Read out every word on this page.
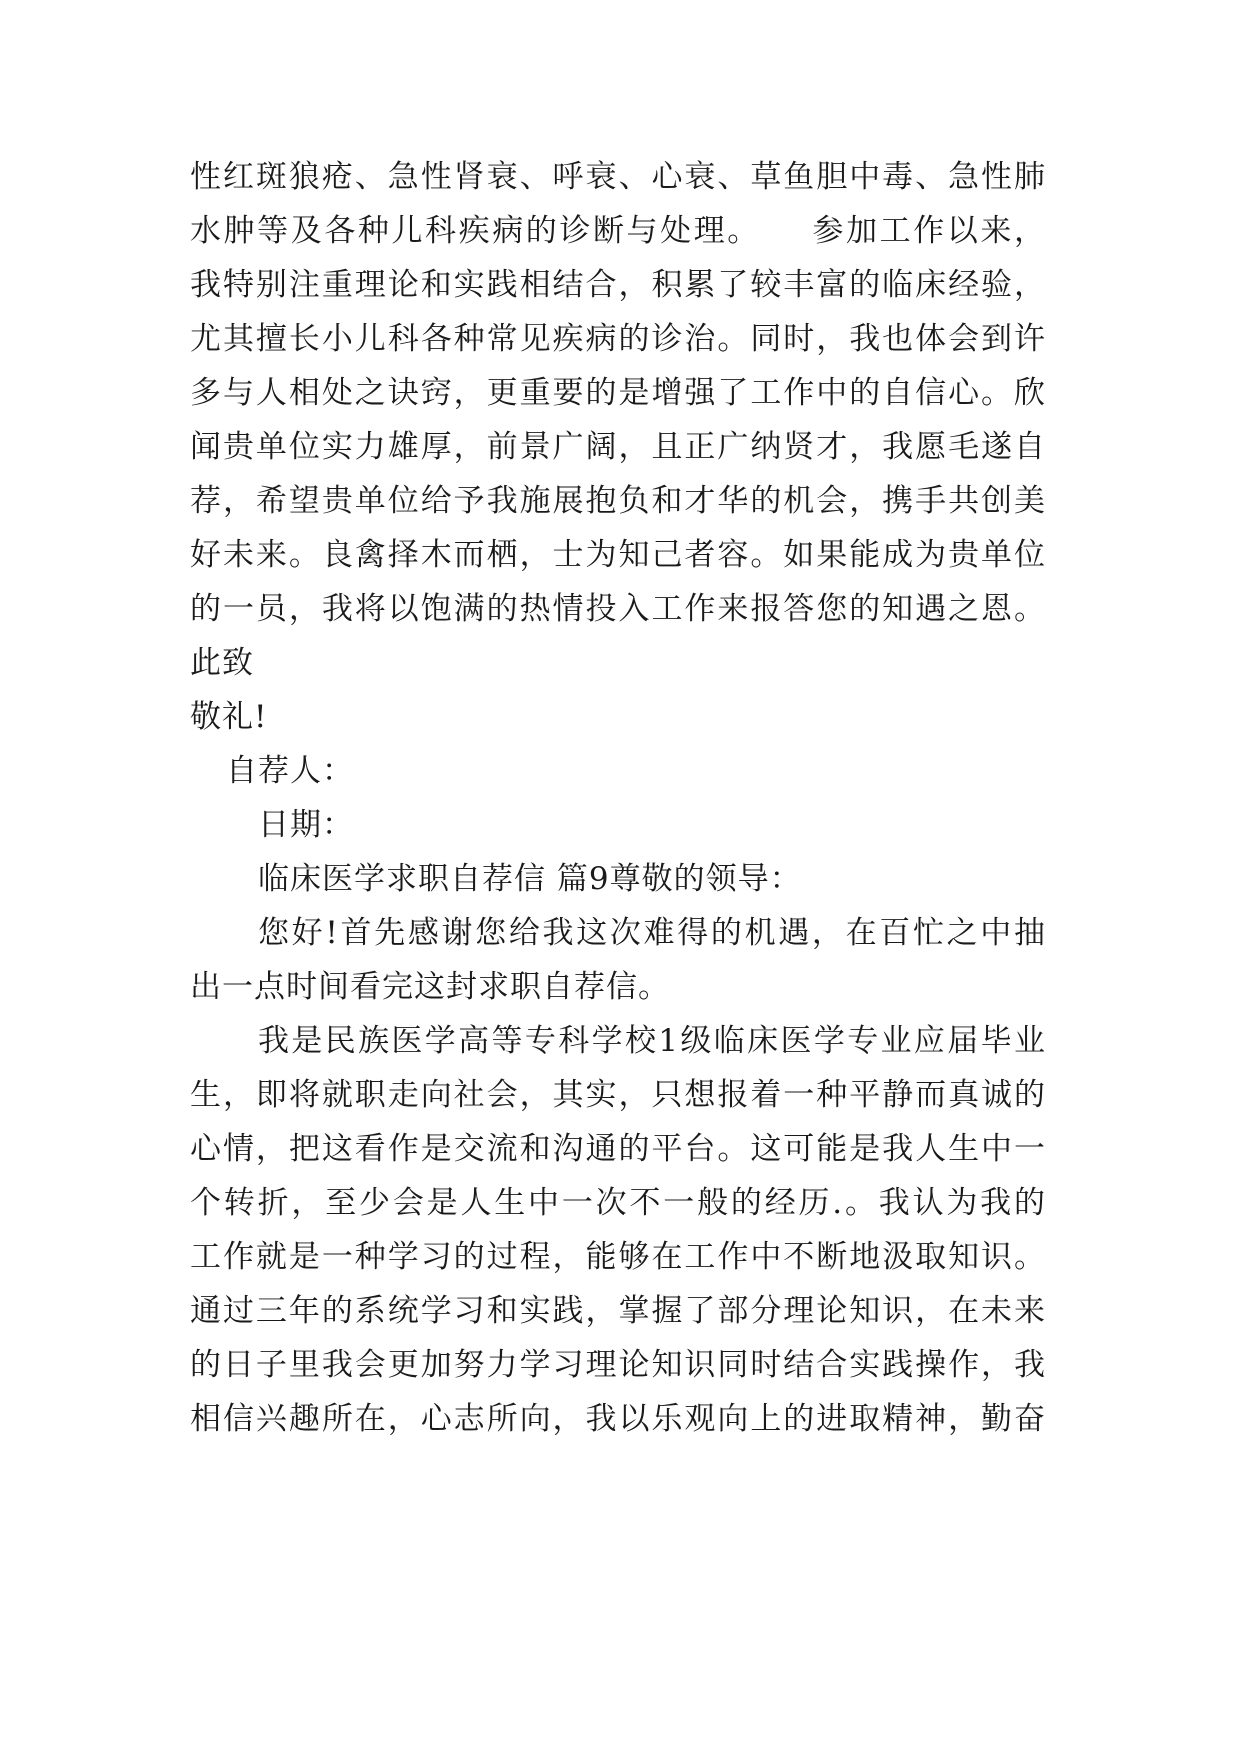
性红斑狼疮、急性肾衰、呼衰、心衰、草鱼胆中毒、急性肺
水肿等及各种儿科疾病的诊断与处理。　　参加工作以来，
我特别注重理论和实践相结合，积累了较丰富的临床经验，
尤其擅长小儿科各种常见疾病的诊治。同时，我也体会到许
多与人相处之诀窍，更重要的是增强了工作中的自信心。欣
闻贵单位实力雄厚，前景广阔，且正广纳贤才，我愿毛遂自
荐，希望贵单位给予我施展抱负和才华的机会，携手共创美
好未来。良禽择木而栖，士为知己者容。如果能成为贵单位
的一员，我将以饱满的热情投入工作来报答您的知遇之恩。
此致
敬礼!
自荐人：
日期：
临床医学求职自荐信 篇9尊敬的领导：
您好!首先感谢您给我这次难得的机遇，在百忙之中抽
出一点时间看完这封求职自荐信。
我是民族医学高等专科学校1级临床医学专业应届毕业
生，即将就职走向社会，其实，只想报着一种平静而真诚的
心情，把这看作是交流和沟通的平台。这可能是我人生中一
个转折，至少会是人生中一次不一般的经历.。我认为我的
工作就是一种学习的过程，能够在工作中不断地汲取知识。
通过三年的系统学习和实践，掌握了部分理论知识，在未来
的日子里我会更加努力学习理论知识同时结合实践操作，我
相信兴趣所在，心志所向，我以乐观向上的进取精神，勤奋
